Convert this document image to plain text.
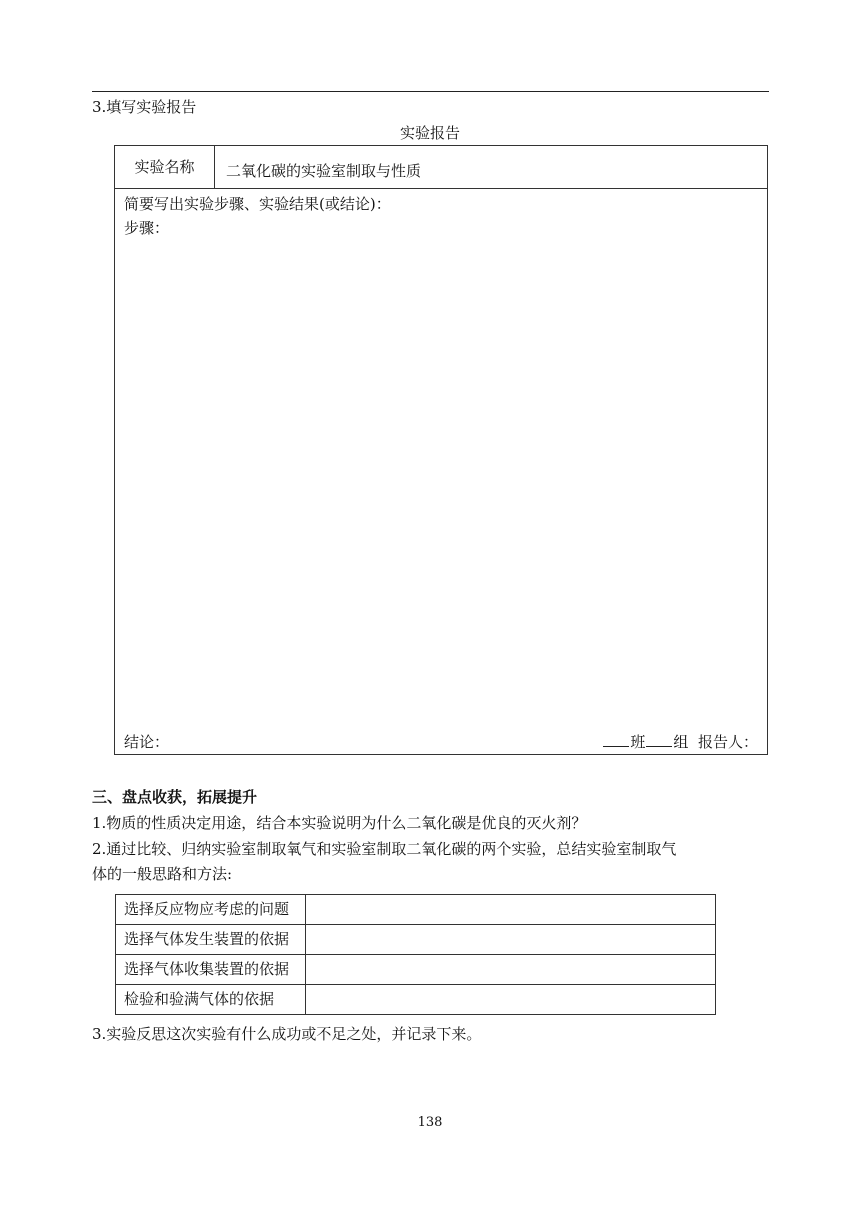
3.填写实验报告
实验报告
实验名称	二氧化碳的实验室制取与性质
简要写出实验步骤、实验结果(或结论)：
步骤：
结论：	班 组 报告人：
三、盘点收获，拓展提升
1.物质的性质决定用途，结合本实验说明为什么二氧化碳是优良的灭火剂？
2.通过比较、归纳实验室制取氧气和实验室制取二氧化碳的两个实验，总结实验室制取气
体的一般思路和方法:
选择反应物应考虑的问题	
选择气体发生装置的依据	
选择气体收集装置的依据	
检验和验满气体的依据	
3.实验反思这次实验有什么成功或不足之处，并记录下来。
138
